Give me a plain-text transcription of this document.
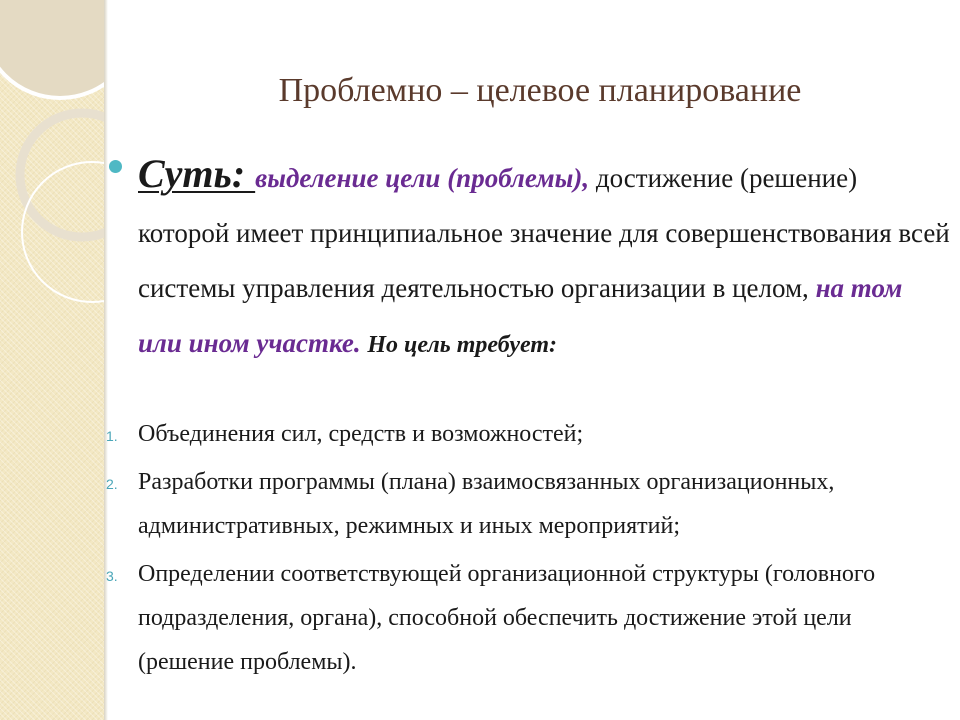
Проблемно – целевое планирование
Суть: выделение цели (проблемы), достижение (решение) которой имеет принципиальное значение для совершенствования всей системы управления деятельностью организации в целом, на том или ином участке. Но цель требует:
1. Объединения сил, средств и возможностей;
2. Разработки программы (плана) взаимосвязанных организационных, административных, режимных и иных мероприятий;
3. Определении соответствующей организационной структуры (головного подразделения, органа), способной обеспечить достижение этой цели (решение проблемы).
